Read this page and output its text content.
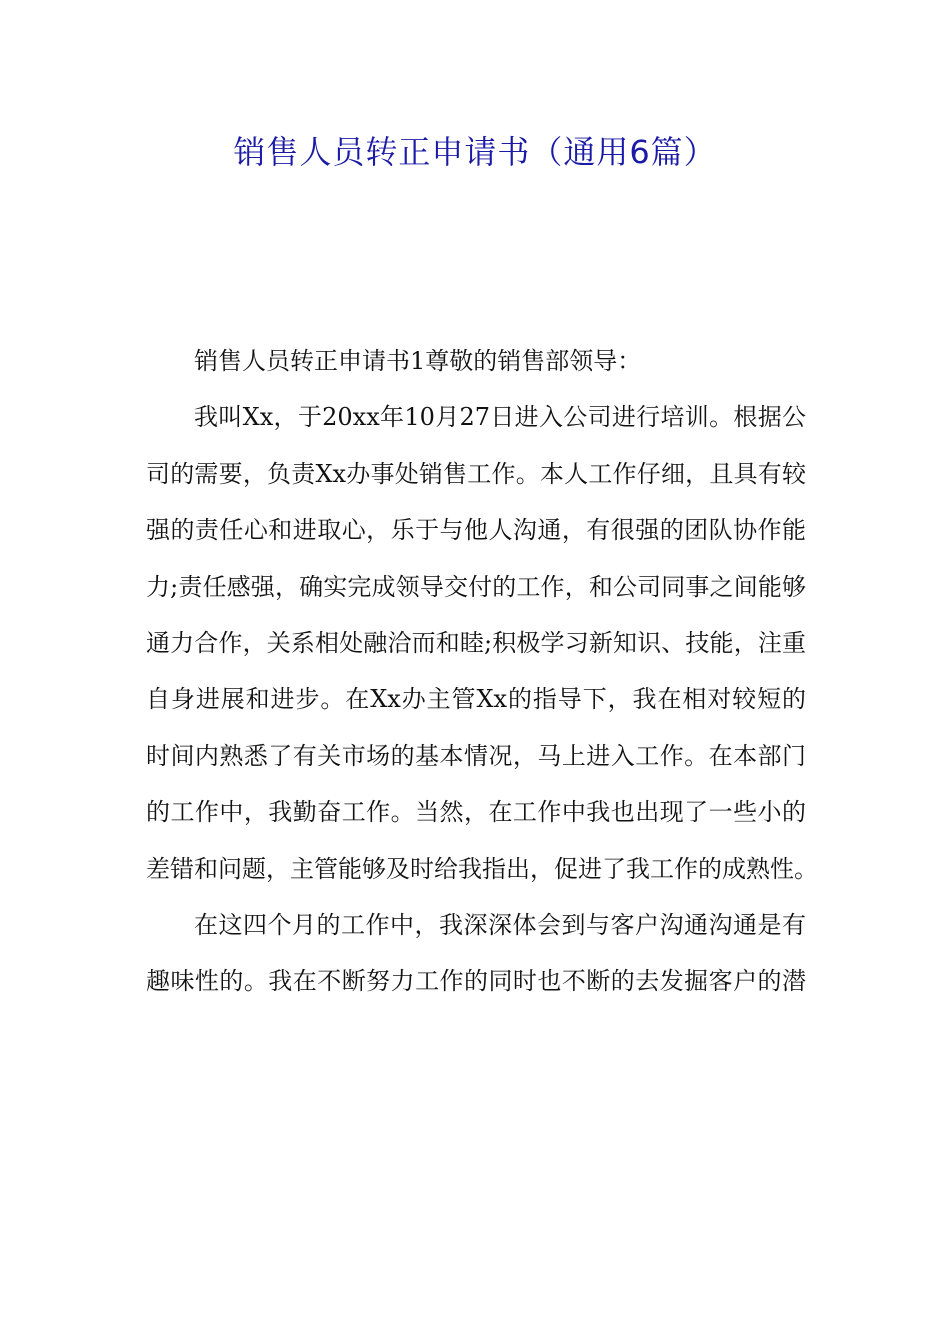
销售人员转正申请书（通用6篇）
销售人员转正申请书1尊敬的销售部领导：
我叫Xx，于20xx年10月27日进入公司进行培训。根据公
司的需要，负责Xx办事处销售工作。本人工作仔细，且具有较
强的责任心和进取心，乐于与他人沟通，有很强的团队协作能
力;责任感强，确实完成领导交付的工作，和公司同事之间能够
通力合作，关系相处融洽而和睦;积极学习新知识、技能，注重
自身进展和进步。在Xx办主管Xx的指导下，我在相对较短的
时间内熟悉了有关市场的基本情况，马上进入工作。在本部门
的工作中，我勤奋工作。当然，在工作中我也出现了一些小的
差错和问题，主管能够及时给我指出，促进了我工作的成熟性。
在这四个月的工作中，我深深体会到与客户沟通沟通是有
趣味性的。我在不断努力工作的同时也不断的去发掘客户的潜
